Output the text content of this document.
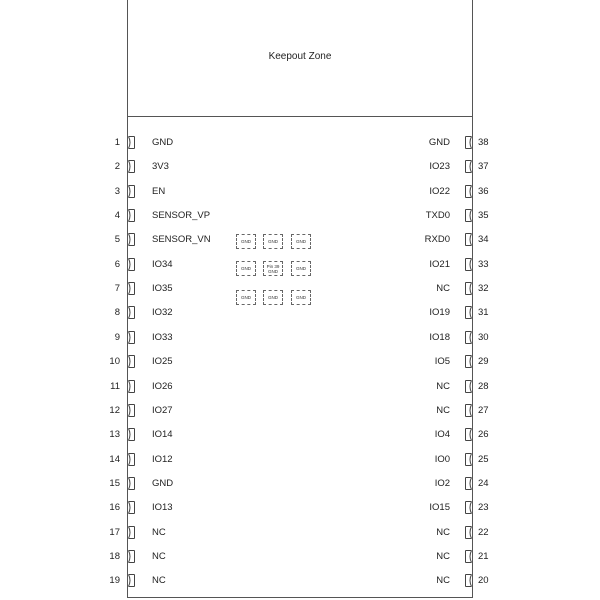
Keepout Zone
1	GND
2	3V3
3	EN
4	SENSOR_VP
5	SENSOR_VN
6	IO34
7	IO35
8	IO32
9	IO33
10	IO25
11	IO26
12	IO27
13	IO14
14	IO12
15	GND
16	IO13
17	NC
18	NC
19	NC
GND	38
IO23	37
IO22	36
TXD0	35
RXD0	34
IO21	33
NC	32
IO19	31
IO18	30
IO5	29
NC	28
NC	27
IO4	26
IO0	25
IO2	24
IO15	23
NC	22
NC	21
NC	20
GND	GND	GND
GND	Pin 39
GND	GND
GND	GND	GND
